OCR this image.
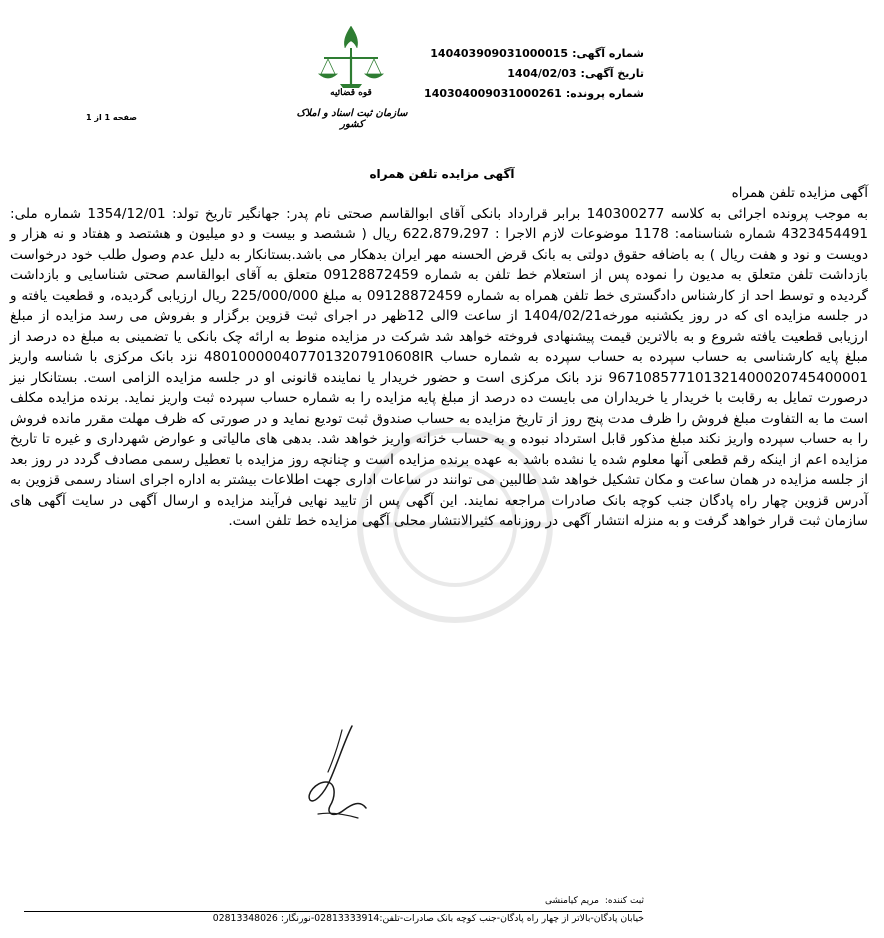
قوه قضائیه
سازمان ثبت اسناد و املاک کشور
شماره آگهی:
140403909031000015
تاریخ آگهی:
1404/02/03
شماره پرونده:
140304009031000261
صفحه 1 از 1
آگهی مزایده تلفن همراه

آگهی مزایده تلفن همراه

به موجب پرونده اجرائی به کلاسه 140300277 برابر قرارداد بانکی آقای ابوالقاسم صحتی نام پدر: جهانگیر تاریخ تولد: 1354/12/01 شماره ملی: 4323454491 شماره شناسنامه: 1178 موضوعات لازم الاجرا : 622،879،297 ریال ( ششصد و بیست و دو میلیون و هشتصد و هفتاد و نه هزار و دویست و نود و هفت ریال ) به باضافه حقوق دولتی به بانک قرض الحسنه مهر ایران بدهکار می باشد.بستانکار به دلیل عدم وصول طلب خود درخواست بازداشت تلفن متعلق به مدیون را نموده پس از استعلام خط تلفن به شماره 09128872459 متعلق به آقای ابوالقاسم صحتی شناسایی و بازداشت گردیده و توسط احد از کارشناس دادگستری خط تلفن همراه به شماره 09128872459 به مبلغ 225/000/000 ریال ارزیابی گردیده، و قطعیت یافته و در جلسه مزایده ای که در روز یکشنبه مورخه1404/02/21 از ساعت 9الی 12ظهر در اجرای ثبت قزوین برگزار و بفروش می رسد مزایده از مبلغ ارزیابی قطعیت یافته شروع و به بالاترین قیمت پیشنهادی فروخته خواهد شد شرکت در مزایده منوط به ارائه چک بانکی یا تضمینی به مبلغ ده درصد از مبلغ پایه کارشناسی به حساب سپرده به حساب سپرده به شماره حساب 4801000004077013207910608IR نزد بانک مرکزی با شناسه واریز 967108577101321400020745400001 نزد بانک مرکزی است و حضور خریدار یا نماینده قانونی او در جلسه مزایده الزامی است. بستانکار نیز درصورت تمایل به رقابت با خریدار یا خریداران می بایست ده درصد از مبلغ پایه مزایده را به شماره حساب سپرده ثبت واریز نماید. برنده مزایده مکلف است ما به التفاوت مبلغ فروش را ظرف مدت پنج روز از تاریخ مزایده به حساب صندوق ثبت تودیع نماید و در صورتی که ظرف مهلت مقرر مانده فروش را به حساب سپرده واریز نکند مبلغ مذکور قابل استرداد نبوده و به حساب خزانه واریز خواهد شد. بدهی های مالیاتی و عوارض شهرداری و غیره تا تاریخ مزایده اعم از اینکه رقم قطعی آنها معلوم شده یا نشده باشد به عهده برنده مزایده است و چنانچه روز مزایده با تعطیل رسمی مصادف گردد در روز بعد از جلسه مزایده در همان ساعت و مکان تشکیل خواهد شد طالبین می توانند در ساعات اداری جهت اطلاعات بیشتر به اداره اجرای اسناد رسمی قزوین به آدرس قزوین چهار راه پادگان جنب کوچه بانک صادرات مراجعه نمایند. این آگهی پس از تایید نهایی فرآیند مزایده و ارسال آگهی در سایت آگهی های سازمان ثبت قرار خواهد گرفت و به منزله انتشار آگهی در روزنامه کثیرالانتشار محلی آگهی مزایده خط تلفن است.

ثبت کننده:
مریم کیامنشی
خیابان پادگان-بالاتر از چهار راه پادگان-جنب کوچه بانک صادرات-تلفن:02813333914-نورنگار: 02813348026
